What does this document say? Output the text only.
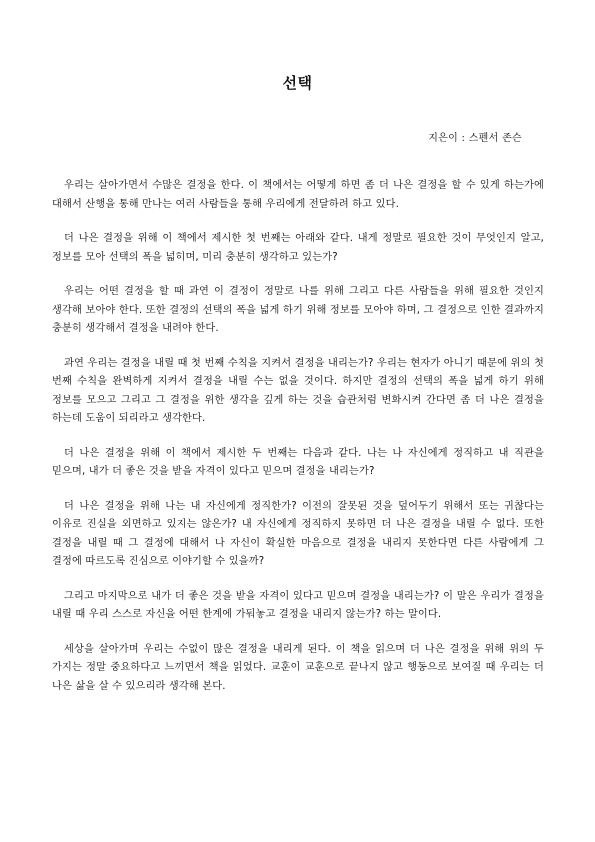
선택
지은이 : 스펜서 존슨

우리는 살아가면서 수많은 결정을 한다. 이 책에서는 어떻게 하면 좀 더 나은 결정을 할 수 있게 하는가에 대해서 산행을 통해 만나는 여러 사람들을 통해 우리에게 전달하려 하고 있다.

더 나은 결정을 위해 이 책에서 제시한 첫 번째는 아래와 같다. 내게 정말로 필요한 것이 무엇인지 알고, 정보를 모아 선택의 폭을 넓히며, 미리 충분히 생각하고 있는가?

우리는 어떤 결정을 할 때 과연 이 결정이 정말로 나를 위해 그리고 다른 사람들을 위해 필요한 것인지 생각해 보아야 한다. 또한 결정의 선택의 폭을 넓게 하기 위해 정보를 모아야 하며, 그 결정으로 인한 결과까지 충분히 생각해서 결정을 내려야 한다.

과연 우리는 결정을 내릴 때 첫 번째 수칙을 지켜서 결정을 내리는가? 우리는 현자가 아니기 때문에 위의 첫 번째 수칙을 완벽하게 지켜서 결정을 내릴 수는 없을 것이다. 하지만 결정의 선택의 폭을 넓게 하기 위해 정보를 모으고 그리고 그 결정을 위한 생각을 깊게 하는 것을 습관처럼 변화시켜 간다면 좀 더 나은 결정을 하는데 도움이 되리라고 생각한다.

더 나은 결정을 위해 이 책에서 제시한 두 번째는 다음과 같다. 나는 나 자신에게 정직하고 내 직관을 믿으며, 내가 더 좋은 것을 받을 자격이 있다고 믿으며 결정을 내리는가?

더 나은 결정을 위해 나는 내 자신에게 정직한가? 이전의 잘못된 것을 덮어두기 위해서 또는 귀찮다는 이유로 진실을 외면하고 있지는 않은가? 내 자신에게 정직하지 못하면 더 나은 결정을 내릴 수 없다. 또한 결정을 내릴 때 그 결정에 대해서 나 자신이 확실한 마음으로 결정을 내리지 못한다면 다른 사람에게 그 결정에 따르도록 진심으로 이야기할 수 있을까?

그리고 마지막으로 내가 더 좋은 것을 받을 자격이 있다고 믿으며 결정을 내리는가? 이 말은 우리가 결정을 내릴 때 우리 스스로 자신을 어떤 한계에 가둬놓고 결정을 내리지 않는가? 하는 말이다.

세상을 살아가며 우리는 수없이 많은 결정을 내리게 된다. 이 책을 읽으며 더 나은 결정을 위해 위의 두 가지는 정말 중요하다고 느끼면서 책을 읽었다. 교훈이 교훈으로 끝나지 않고 행동으로 보여질 때 우리는 더 나은 삶을 살 수 있으리라 생각해 본다.
